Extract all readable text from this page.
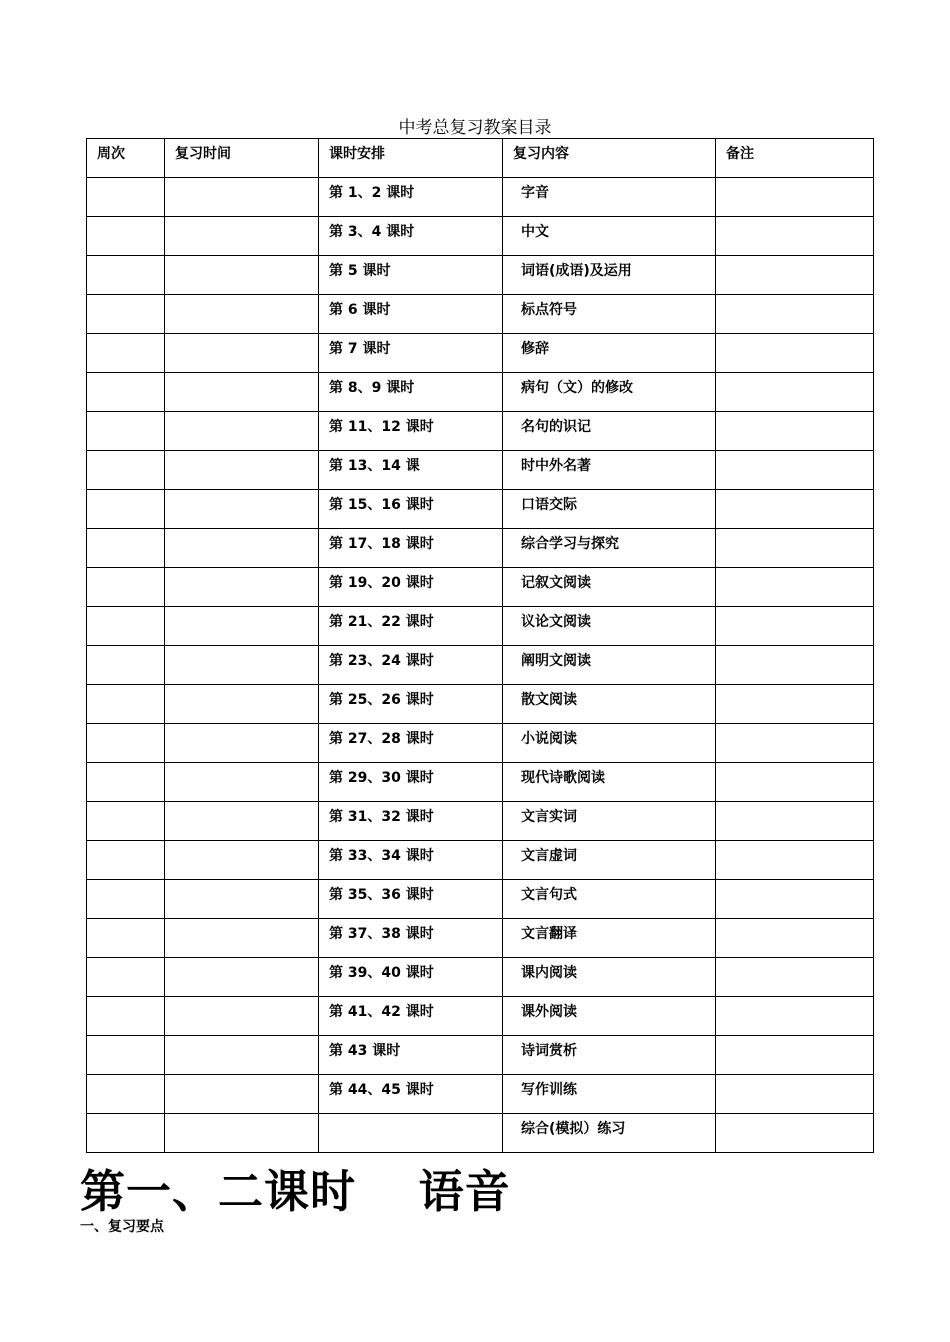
中考总复习教案目录
周次	复习时间	课时安排	复习内容	备注
		第 1、2 课时	字音	
		第 3、4 课时	中文	
		第 5 课时	词语(成语)及运用	
		第 6 课时	标点符号	
		第 7 课时	修辞	
		第 8、9 课时	病句（文）的修改	
		第 11、12 课时	名句的识记	
		第 13、14 课	时中外名著	
		第 15、16 课时	口语交际	
		第 17、18 课时	综合学习与探究	
		第 19、20 课时	记叙文阅读	
		第 21、22 课时	议论文阅读	
		第 23、24 课时	阐明文阅读	
		第 25、26 课时	散文阅读	
		第 27、28 课时	小说阅读	
		第 29、30 课时	现代诗歌阅读	
		第 31、32 课时	文言实词	
		第 33、34 课时	文言虚词	
		第 35、36 课时	文言句式	
		第 37、38 课时	文言翻译	
		第 39、40 课时	课内阅读	
		第 41、42 课时	课外阅读	
		第 43 课时	诗词赏析	
		第 44、45 课时	写作训练	
			综合(模拟）练习	
第一、二课时　 语音
一、复习要点
